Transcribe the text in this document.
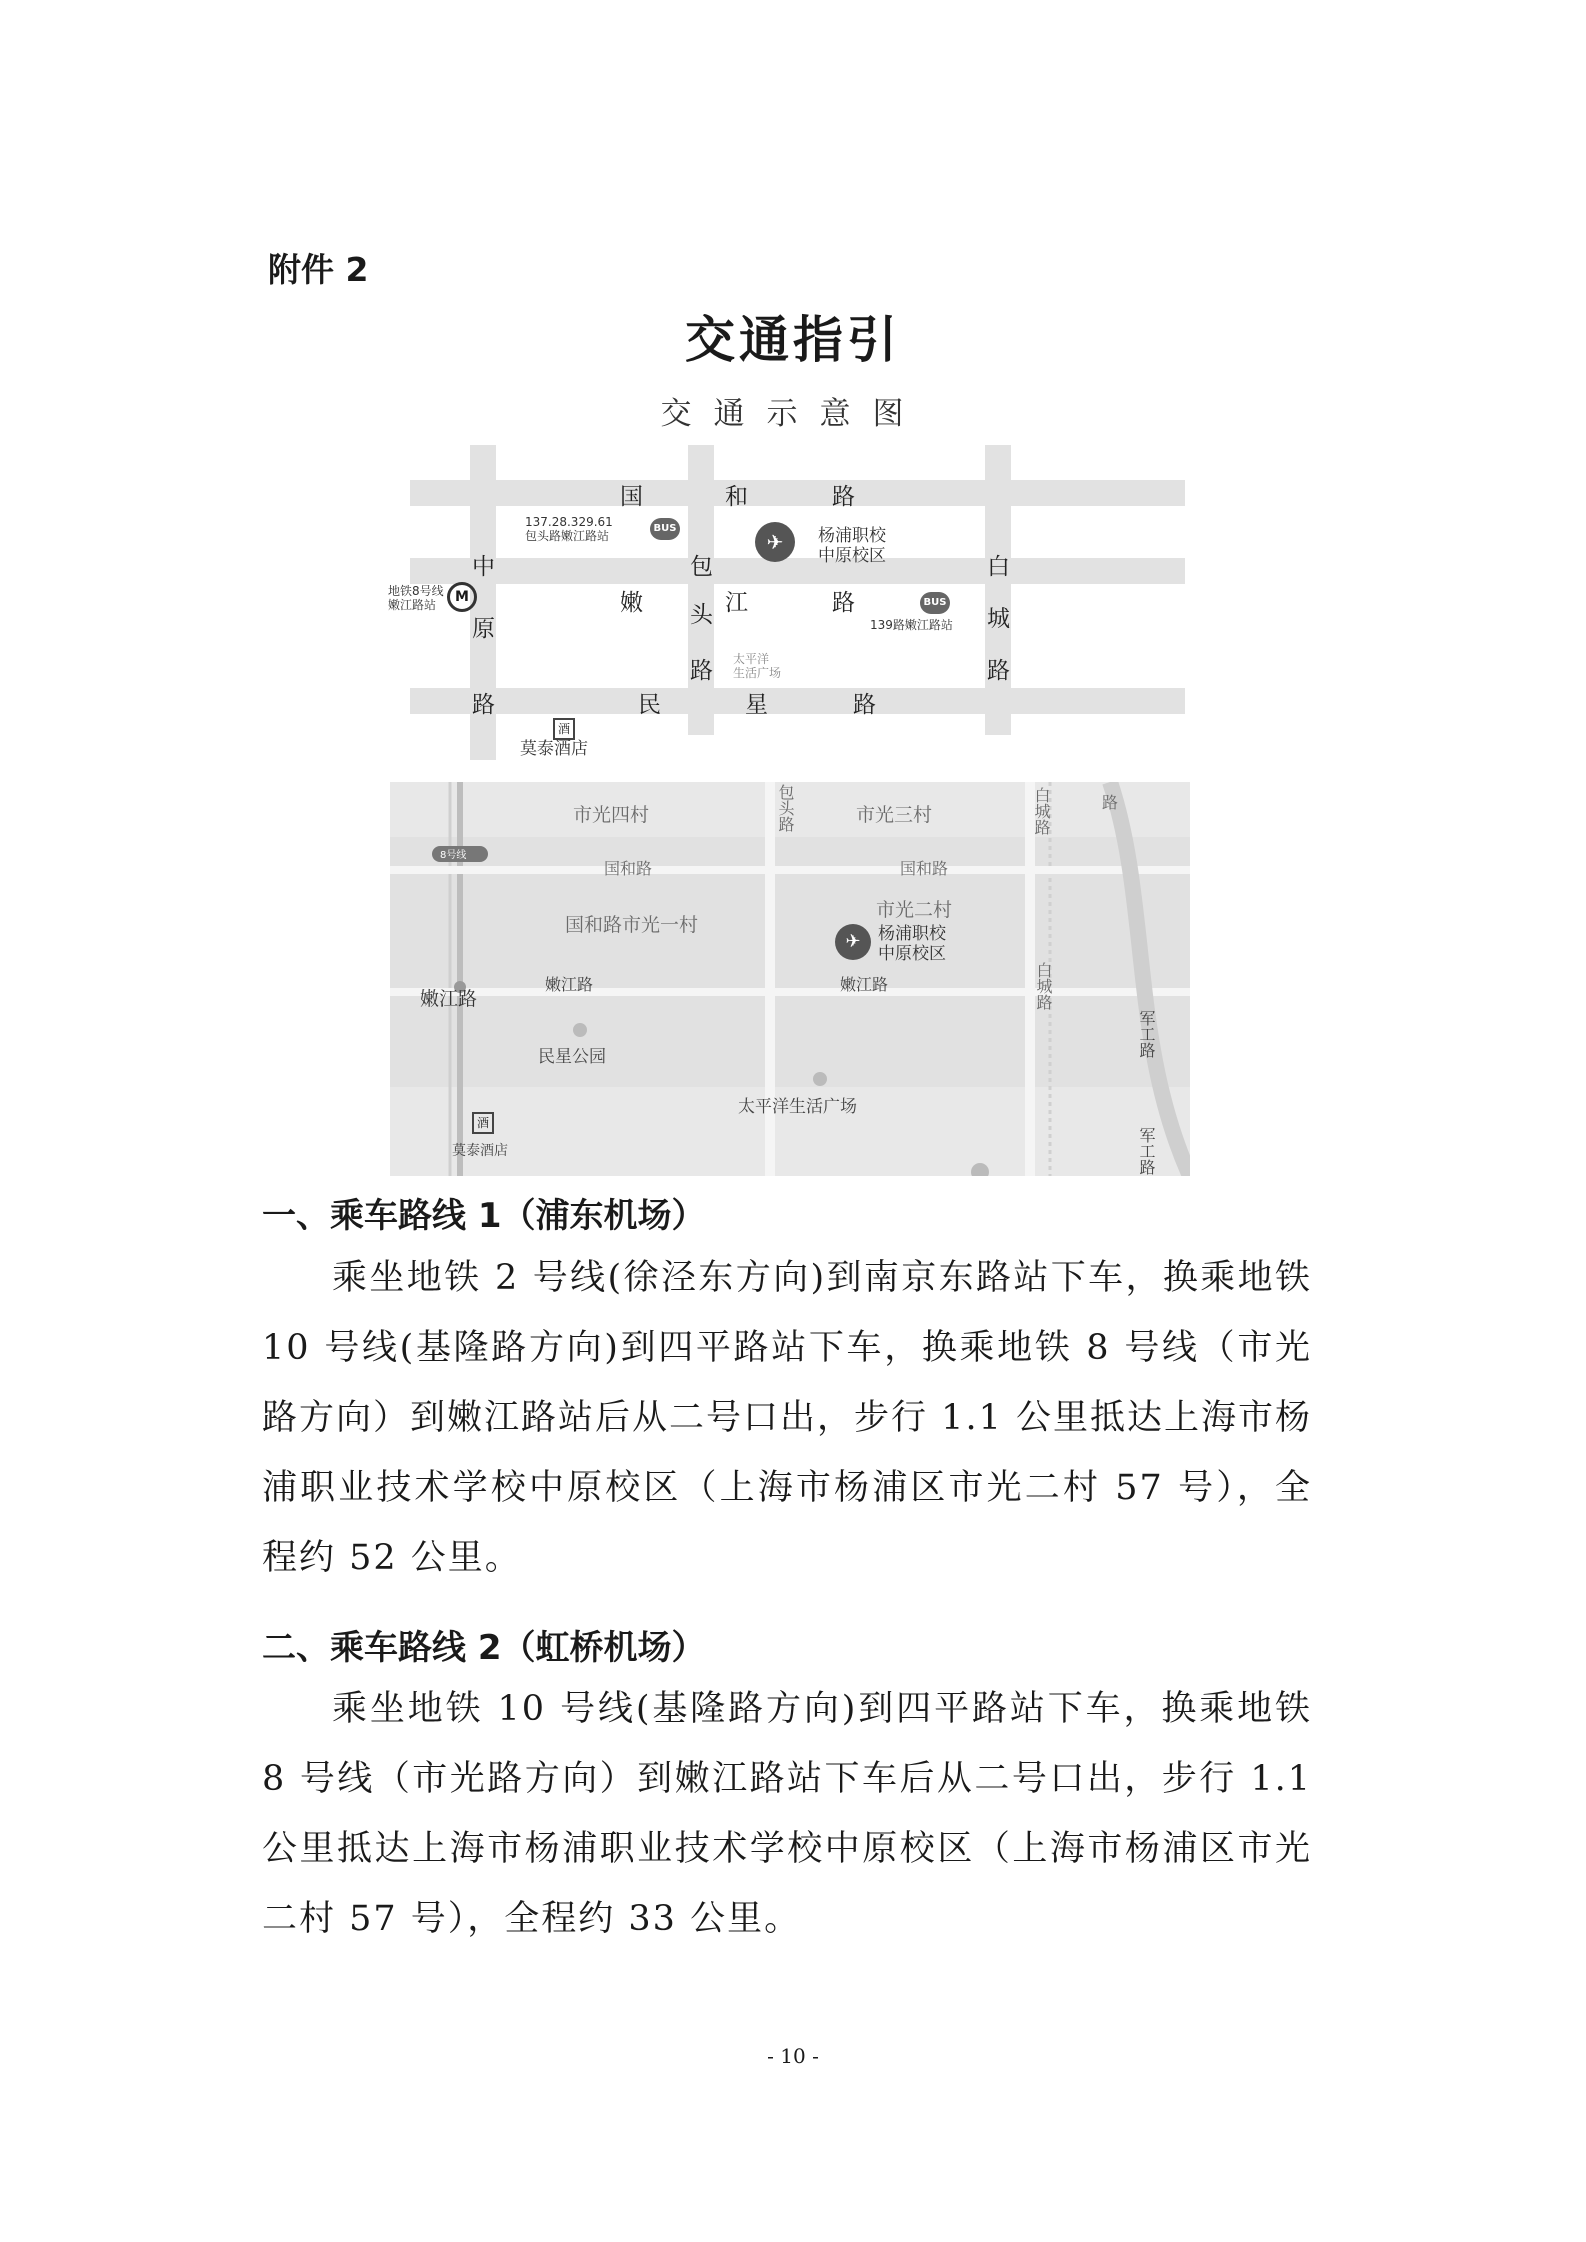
附件 2
交通指引
交通示意图
国	和	路
中
原
路
包
头
路
嫩	江	路
白
城
路
民	星	路
137.28.329.61
包头路嫩江路站
BUS
✈	杨浦职校
中原校区
BUS
139路嫩江路站
M
地铁8号线
嫩江路站
太平洋
生活广场
酒
莫泰酒店
市光四村	市光三村
包头路	白城路	路
8号线
国和路	国和路
市光二村
国和路市光一村
✈	杨浦职校
中原校区
嫩江路
嫩江路	嫩江路	白城路
军工路
民星公园
太平洋生活广场
酒
莫泰酒店	军工路
一、乘车路线 1（浦东机场）
乘坐地铁 2 号线(徐泾东方向)到南京东路站下车，换乘地铁 10 号线(基隆路方向)到四平路站下车，换乘地铁 8 号线（市光路方向）到嫩江路站后从二号口出，步行 1.1 公里抵达上海市杨浦职业技术学校中原校区（上海市杨浦区市光二村 57 号），全程约 52 公里。
二、乘车路线 2（虹桥机场）
乘坐地铁 10 号线(基隆路方向)到四平路站下车，换乘地铁 8 号线（市光路方向）到嫩江路站下车后从二号口出，步行 1.1 公里抵达上海市杨浦职业技术学校中原校区（上海市杨浦区市光二村 57 号），全程约 33 公里。
- 10 -
